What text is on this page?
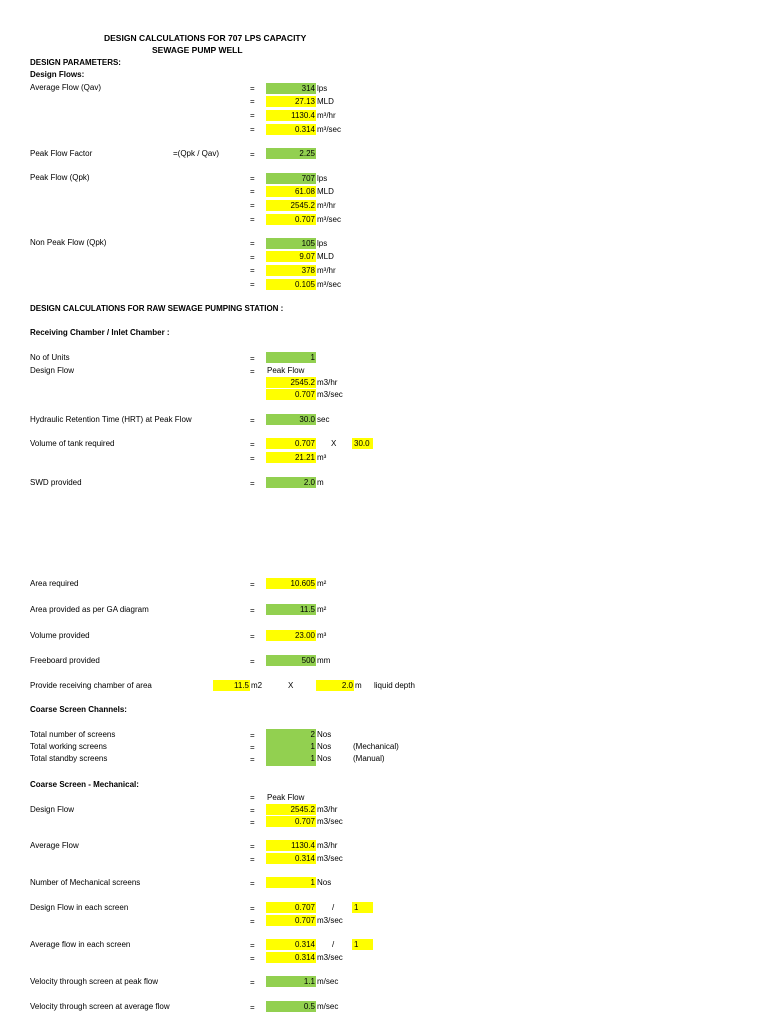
DESIGN CALCULATIONS FOR 707 LPS CAPACITY
SEWAGE PUMP WELL
DESIGN PARAMETERS:
Design Flows:
Average Flow (Qav)	=	314 lps
=	27.13 MLD
=	1130.4 m³/hr
=	0.314 m³/sec
Peak Flow Factor	=(Qpk / Qav)	=	2.25
Peak Flow (Qpk)	=	707 lps
=	61.08 MLD
=	2545.2 m³/hr
=	0.707 m³/sec
Non Peak Flow (Qpk)	=	105 lps
=	9.07 MLD
=	378 m³/hr
=	0.105 m³/sec
DESIGN CALCULATIONS FOR RAW SEWAGE PUMPING STATION :
Receiving Chamber / Inlet Chamber :
No of Units	=	1
Design Flow	= Peak Flow
2545.2 m3/hr
0.707 m3/sec
Hydraulic Retention Time (HRT) at Peak Flow	=	30.0 sec
Volume of tank required	=	0.707 X 30.0
=	21.21 m³
SWD provided	=	2.0 m
Area required	=	10.605 m²
Area provided as per GA diagram	=	11.5 m²
Volume provided	=	23.00 m³
Freeboard provided	=	500 mm
Provide receiving chamber of area	11.5 m2	X	2.0 m liquid depth
Coarse Screen Channels:
Total number of screens	=	2 Nos
Total working screens	=	1 Nos	(Mechanical)
Total standby screens	=	1 Nos	(Manual)
Coarse Screen - Mechanical:
= Peak Flow
Design Flow	=	2545.2 m3/hr
=	0.707 m3/sec
Average Flow	=	1130.4 m3/hr
=	0.314 m3/sec
Number of Mechanical screens	=	1 Nos
Design Flow in each screen	=	0.707 / 1
=	0.707 m3/sec
Average flow in each screen	=	0.314 / 1
=	0.314 m3/sec
Velocity through screen at peak flow	=	1.1 m/sec
Velocity through screen at average flow	=	0.5 m/sec
